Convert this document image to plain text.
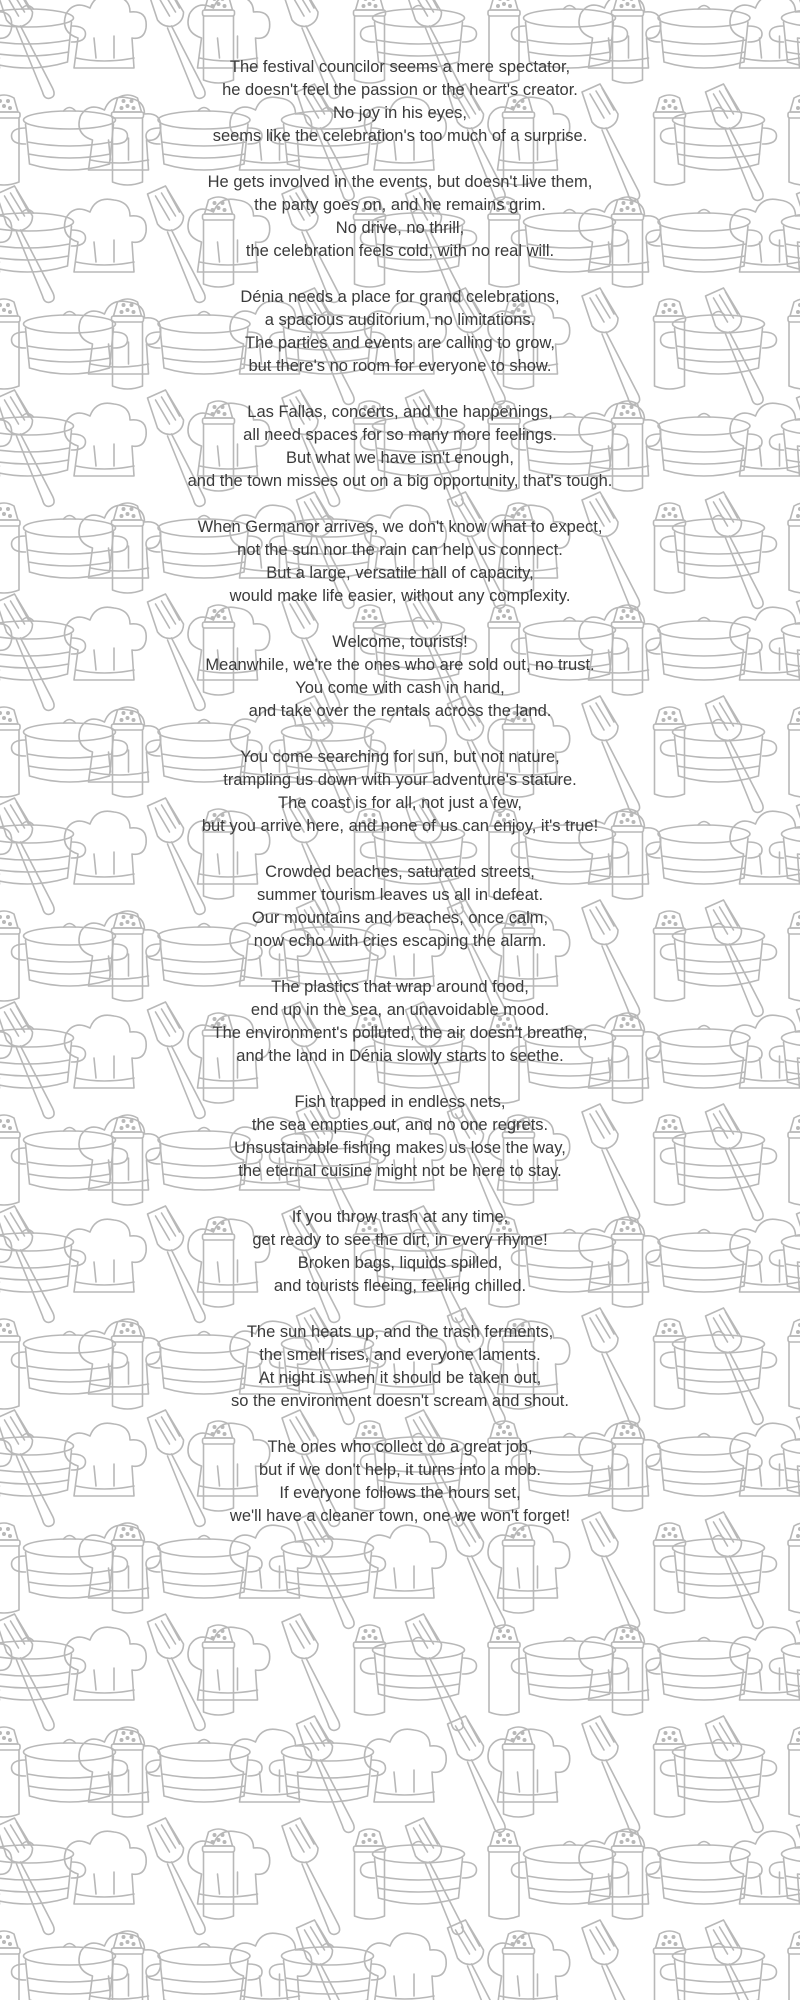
The festival councilor seems a mere spectator,
he doesn't feel the passion or the heart's creator.
No joy in his eyes,
seems like the celebration's too much of a surprise.
He gets involved in the events, but doesn't live them,
the party goes on, and he remains grim.
No drive, no thrill,
the celebration feels cold, with no real will.
Dénia needs a place for grand celebrations,
a spacious auditorium, no limitations.
The parties and events are calling to grow,
but there's no room for everyone to show.
Las Fallas, concerts, and the happenings,
all need spaces for so many more feelings.
But what we have isn't enough,
and the town misses out on a big opportunity, that's tough.
When Germanor arrives, we don't know what to expect,
not the sun nor the rain can help us connect.
But a large, versatile hall of capacity,
would make life easier, without any complexity.
Welcome, tourists!
Meanwhile, we're the ones who are sold out, no trust.
You come with cash in hand,
and take over the rentals across the land.
You come searching for sun, but not nature,
trampling us down with your adventure's stature.
The coast is for all, not just a few,
but you arrive here, and none of us can enjoy, it's true!
Crowded beaches, saturated streets,
summer tourism leaves us all in defeat.
Our mountains and beaches, once calm,
now echo with cries escaping the alarm.
The plastics that wrap around food,
end up in the sea, an unavoidable mood.
The environment's polluted, the air doesn't breathe,
and the land in Dénia slowly starts to seethe.
Fish trapped in endless nets,
the sea empties out, and no one regrets.
Unsustainable fishing makes us lose the way,
the eternal cuisine might not be here to stay.
If you throw trash at any time,
get ready to see the dirt, in every rhyme!
Broken bags, liquids spilled,
and tourists fleeing, feeling chilled.
The sun heats up, and the trash ferments,
the smell rises, and everyone laments.
At night is when it should be taken out,
so the environment doesn't scream and shout.
The ones who collect do a great job,
but if we don't help, it turns into a mob.
If everyone follows the hours set,
we'll have a cleaner town, one we won't forget!
